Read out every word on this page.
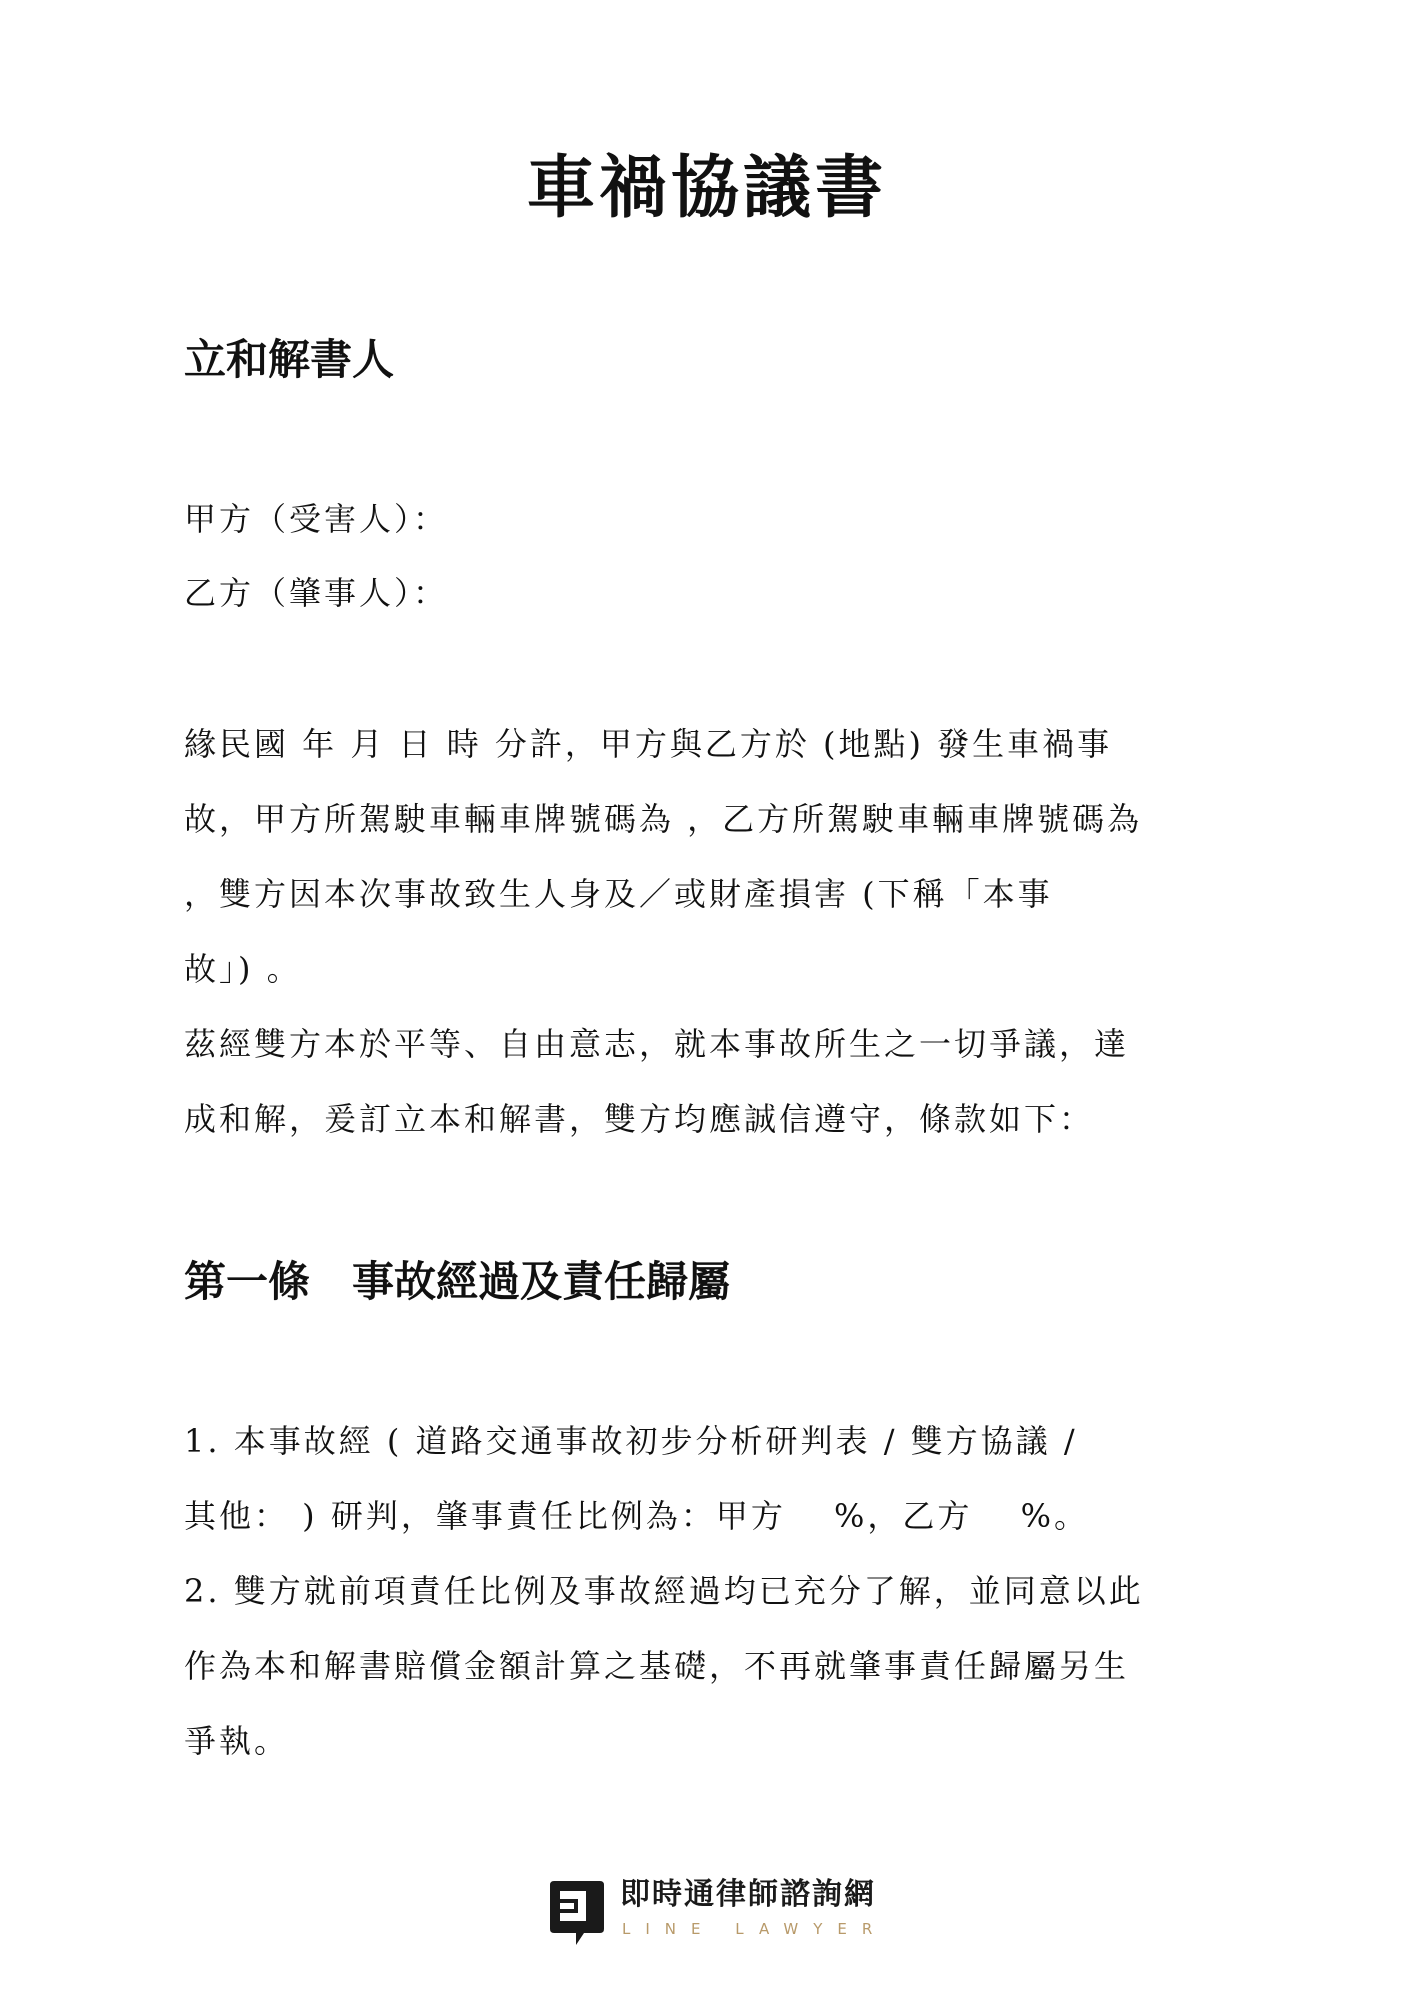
車禍協議書
立和解書人
甲方（受害人）：
乙方（肇事人）：
緣民國 年 月 日 時 分許，甲方與乙方於 (地點) 發生車禍事
故，甲方所駕駛車輛車牌號碼為 ，乙方所駕駛車輛車牌號碼為
，雙方因本次事故致生人身及／或財產損害 (下稱「本事
故」) 。
茲經雙方本於平等、自由意志，就本事故所生之一切爭議，達
成和解，爰訂立本和解書，雙方均應誠信遵守，條款如下：
第一條　事故經過及責任歸屬
1. 本事故經 ( 道路交通事故初步分析研判表 / 雙方協議 /
其他： ) 研判，肇事責任比例為：甲方　 %，乙方　 %。
2. 雙方就前項責任比例及事故經過均已充分了解，並同意以此
作為本和解書賠償金額計算之基礎，不再就肇事責任歸屬另生
爭執。
即時通律師諮詢網
LINE LAWYER
